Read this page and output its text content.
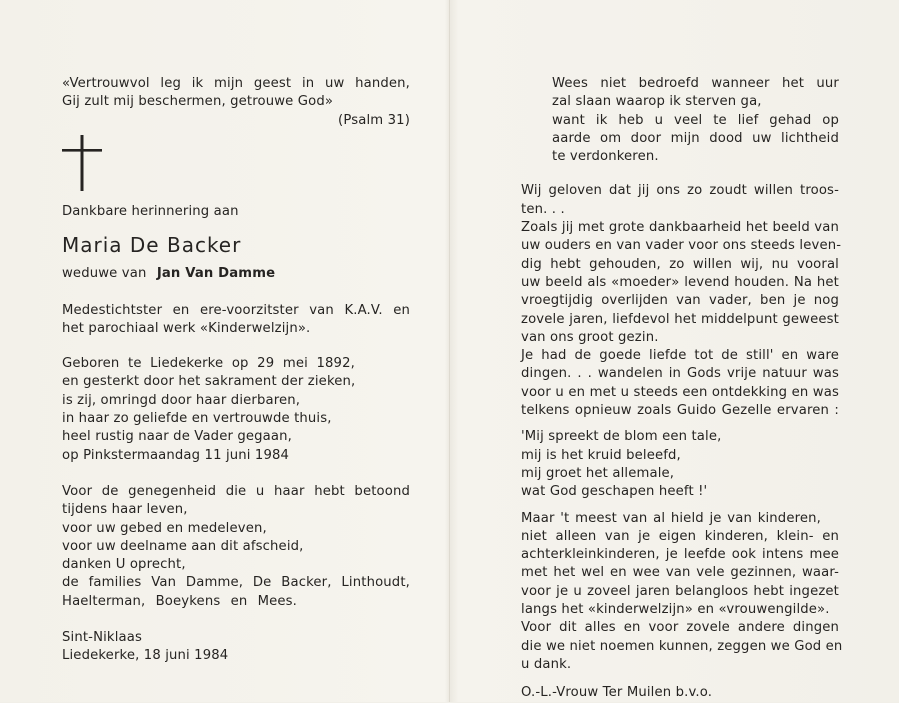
«Vertrouwvol leg ik mijn geest in uw handen,

Gij zult mij beschermen, getrouwe God»

(Psalm 31)

Dankbare herinnering aan

Maria De Backer

weduwe van Jan Van Damme

Medestichtster en ere-voorzitster van K.A.V. en

het parochiaal werk «Kinderwelzijn».

Geboren te Liedekerke op 29 mei 1892,

en gesterkt door het sakrament der zieken,

is zij, omringd door haar dierbaren,

in haar zo geliefde en vertrouwde thuis,

heel rustig naar de Vader gegaan,

op Pinkstermaandag 11 juni 1984

Voor de genegenheid die u haar hebt betoond

tijdens haar leven,

voor uw gebed en medeleven,

voor uw deelname aan dit afscheid,

danken U oprecht,

de families Van Damme, De Backer, Linthoudt,

Haelterman, Boeykens en Mees.

Sint-Niklaas

Liedekerke, 18 juni 1984

Wees niet bedroefd wanneer het uur

zal slaan waarop ik sterven ga,

want ik heb u veel te lief gehad op

aarde om door mijn dood uw lichtheid

te verdonkeren.

Wij geloven dat jij ons zo zoudt willen troos-

ten. . .

Zoals jij met grote dankbaarheid het beeld van

uw ouders en van vader voor ons steeds leven-

dig hebt gehouden, zo willen wij, nu vooral

uw beeld als «moeder» levend houden. Na het

vroegtijdig overlijden van vader, ben je nog

zovele jaren, liefdevol het middelpunt geweest

van ons groot gezin.

Je had de goede liefde tot de still' en ware

dingen. . . wandelen in Gods vrije natuur was

voor u en met u steeds een ontdekking en was

telkens opnieuw zoals Guido Gezelle ervaren :

'Mij spreekt de blom een tale,

mij is het kruid beleefd,

mij groet het allemale,

wat God geschapen heeft !'

Maar 't meest van al hield je van kinderen,

niet alleen van je eigen kinderen, klein- en

achterkleinkinderen, je leefde ook intens mee

met het wel en wee van vele gezinnen, waar-

voor je u zoveel jaren belangloos hebt ingezet

langs het «kinderwelzijn» en «vrouwengilde».

Voor dit alles en voor zovele andere dingen

die we niet noemen kunnen, zeggen we God en

u dank.

O.-L.-Vrouw Ter Muilen b.v.o.
